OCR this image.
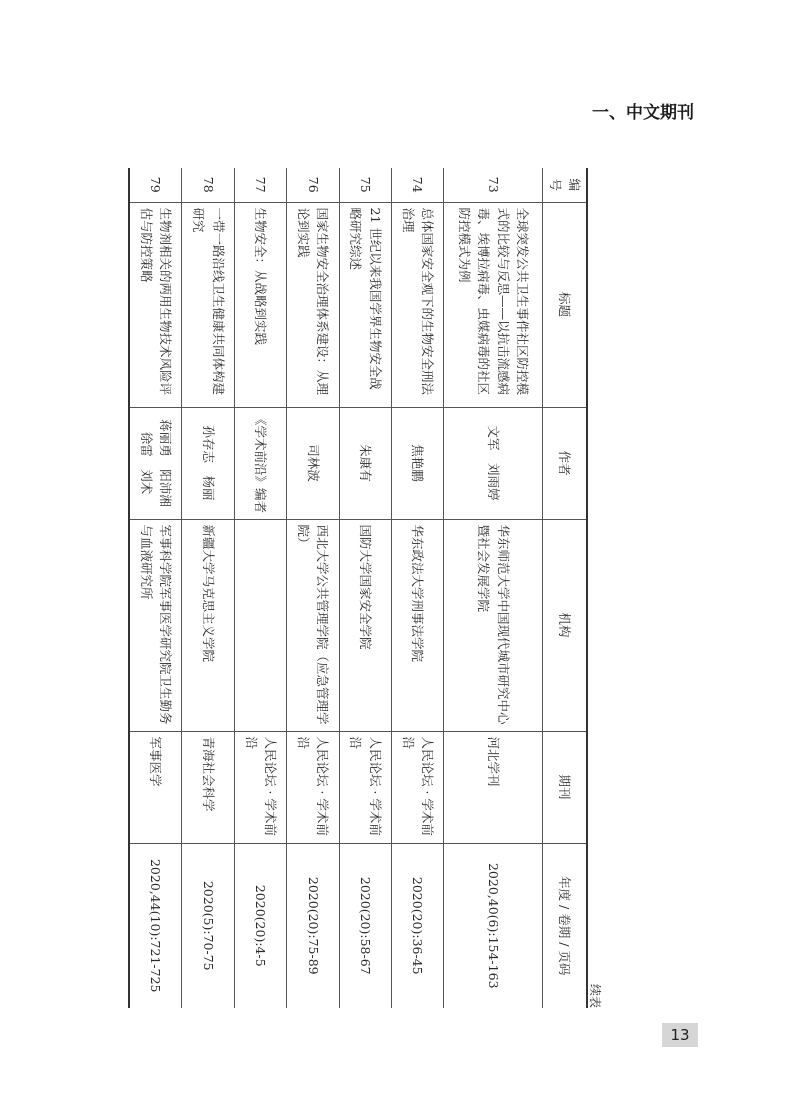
一、中文期刊
续表
编号	标题	作者	机构	期刊	年度 / 卷期 / 页码
73	全球突发公共卫生事件社区防控模式的比较与反思——以抗击流感病毒、埃博拉病毒、虫媒病毒的社区防控模式为例	文军　刘雨婷	华东师范大学中国现代城市研究中心暨社会发展学院	河北学刊	2020,40(6):154-163
74	总体国家安全观下的生物安全刑法治理	焦艳鹏	华东政法大学刑事法学院	人民论坛 · 学术前沿	2020(20):36-45
75	21 世纪以来我国学界生物安全战略研究综述	朱康有	国防大学国家安全学院	人民论坛 · 学术前沿	2020(20):58-67
76	国家生物安全治理体系建设：从理论到实践	司林波	西北大学公共管理学院（应急管理学院）	人民论坛 · 学术前沿	2020(20):75-89
77	生物安全：从战略到实践	《学术前沿》编者		人民论坛 · 学术前沿	2020(20):4-5
78	一带一路沿线卫生健康共同体构建研究	孙存志　杨丽	新疆大学马克思主义学院	青海社会科学	2020(5):70-75
79	生物剂相关的两用生物技术风险评估与防控策略	蒋丽勇　阳沛湘　徐雷　刘术	军事科学院军事医学研究院卫生勤务与血液研究所	军事医学	2020,44(10):721-725
13
